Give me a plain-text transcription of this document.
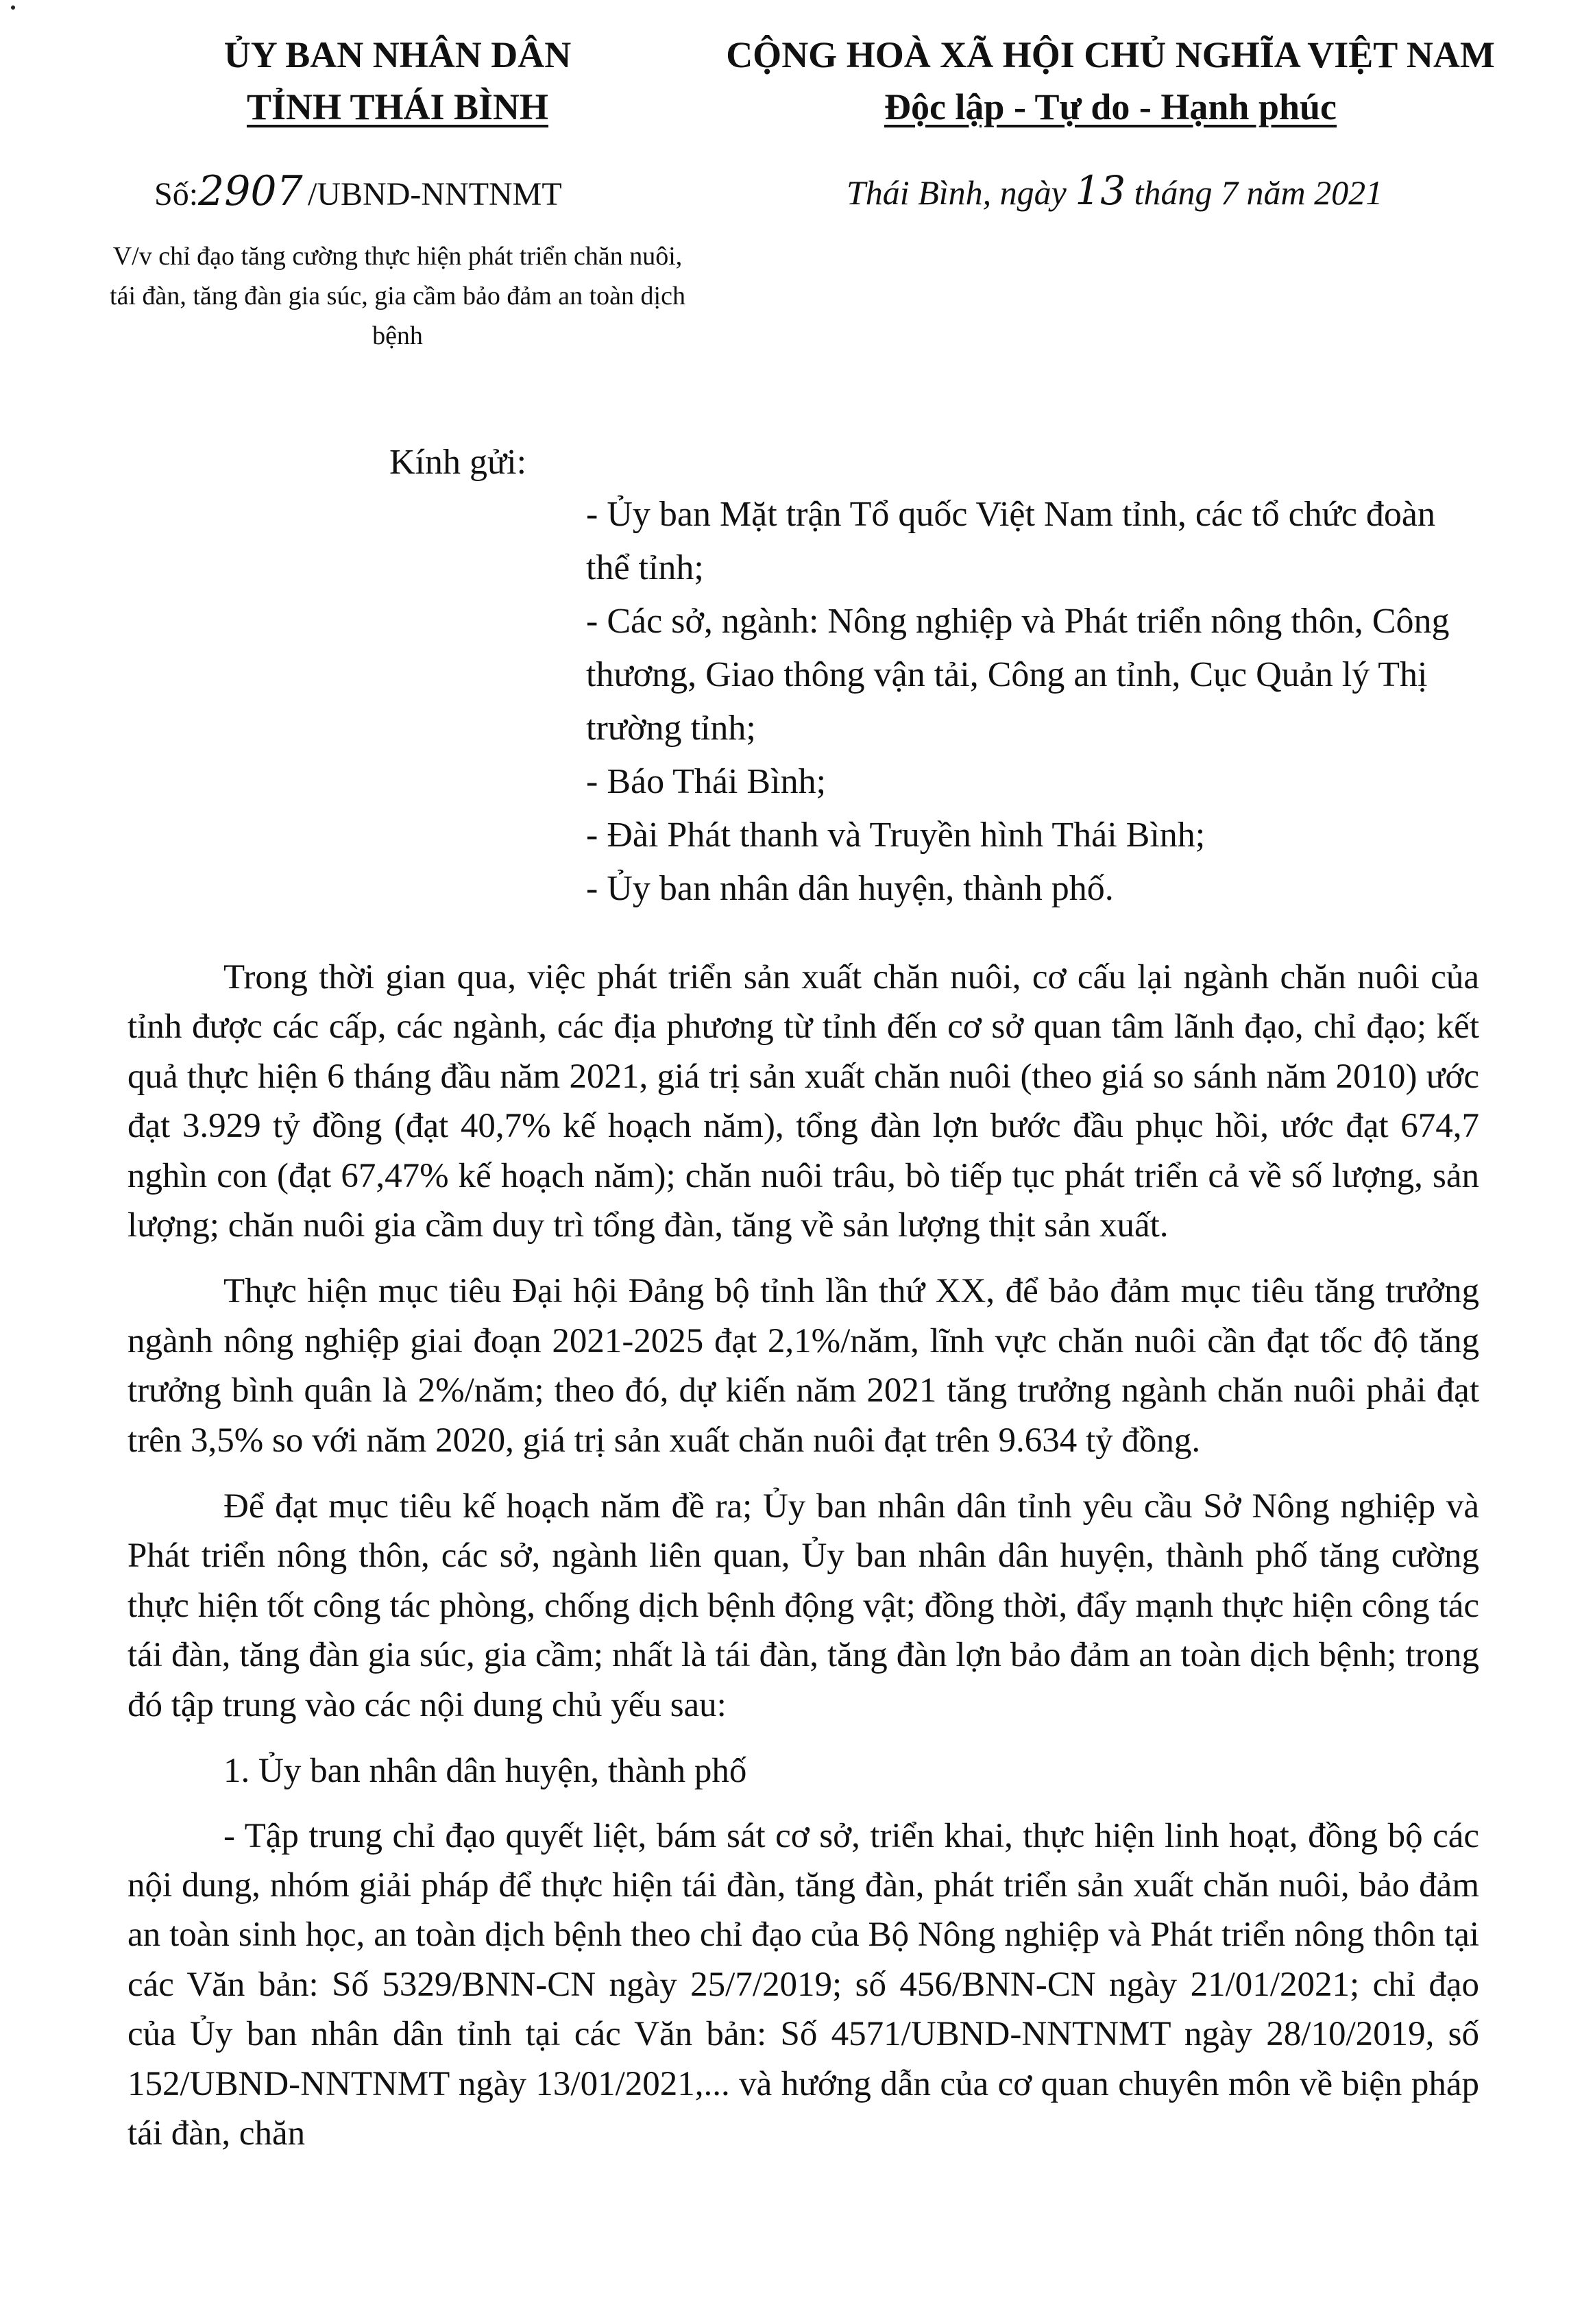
ỦY BAN NHÂN DÂN
TỈNH THÁI BÌNH
CỘNG HOÀ XÃ HỘI CHỦ NGHĨA VIỆT NAM
Độc lập - Tự do - Hạnh phúc
Số:2907 /UBND-NNTNMT	Thái Bình, ngày 13 tháng 7 năm 2021
V/v chỉ đạo tăng cường thực hiện phát triển chăn nuôi, tái đàn, tăng đàn gia súc, gia cầm bảo đảm an toàn dịch bệnh
Kính gửi:
- Ủy ban Mặt trận Tổ quốc Việt Nam tỉnh, các tổ chức đoàn thể tỉnh;
- Các sở, ngành: Nông nghiệp và Phát triển nông thôn, Công thương, Giao thông vận tải, Công an tỉnh, Cục Quản lý Thị trường tỉnh;
- Báo Thái Bình;
- Đài Phát thanh và Truyền hình Thái Bình;
- Ủy ban nhân dân huyện, thành phố.

Trong thời gian qua, việc phát triển sản xuất chăn nuôi, cơ cấu lại ngành chăn nuôi của tỉnh được các cấp, các ngành, các địa phương từ tỉnh đến cơ sở quan tâm lãnh đạo, chỉ đạo; kết quả thực hiện 6 tháng đầu năm 2021, giá trị sản xuất chăn nuôi (theo giá so sánh năm 2010) ước đạt 3.929 tỷ đồng (đạt 40,7% kế hoạch năm), tổng đàn lợn bước đầu phục hồi, ước đạt 674,7 nghìn con (đạt 67,47% kế hoạch năm); chăn nuôi trâu, bò tiếp tục phát triển cả về số lượng, sản lượng; chăn nuôi gia cầm duy trì tổng đàn, tăng về sản lượng thịt sản xuất.

Thực hiện mục tiêu Đại hội Đảng bộ tỉnh lần thứ XX, để bảo đảm mục tiêu tăng trưởng ngành nông nghiệp giai đoạn 2021-2025 đạt 2,1%/năm, lĩnh vực chăn nuôi cần đạt tốc độ tăng trưởng bình quân là 2%/năm; theo đó, dự kiến năm 2021 tăng trưởng ngành chăn nuôi phải đạt trên 3,5% so với năm 2020, giá trị sản xuất chăn nuôi đạt trên 9.634 tỷ đồng.

Để đạt mục tiêu kế hoạch năm đề ra; Ủy ban nhân dân tỉnh yêu cầu Sở Nông nghiệp và Phát triển nông thôn, các sở, ngành liên quan, Ủy ban nhân dân huyện, thành phố tăng cường thực hiện tốt công tác phòng, chống dịch bệnh động vật; đồng thời, đẩy mạnh thực hiện công tác tái đàn, tăng đàn gia súc, gia cầm; nhất là tái đàn, tăng đàn lợn bảo đảm an toàn dịch bệnh; trong đó tập trung vào các nội dung chủ yếu sau:

1. Ủy ban nhân dân huyện, thành phố

- Tập trung chỉ đạo quyết liệt, bám sát cơ sở, triển khai, thực hiện linh hoạt, đồng bộ các nội dung, nhóm giải pháp để thực hiện tái đàn, tăng đàn, phát triển sản xuất chăn nuôi, bảo đảm an toàn sinh học, an toàn dịch bệnh theo chỉ đạo của Bộ Nông nghiệp và Phát triển nông thôn tại các Văn bản: Số 5329/BNN-CN ngày 25/7/2019; số 456/BNN-CN ngày 21/01/2021; chỉ đạo của Ủy ban nhân dân tỉnh tại các Văn bản: Số 4571/UBND-NNTNMT ngày 28/10/2019, số 152/UBND-NNTNMT ngày 13/01/2021,... và hướng dẫn của cơ quan chuyên môn về biện pháp tái đàn, chăn
